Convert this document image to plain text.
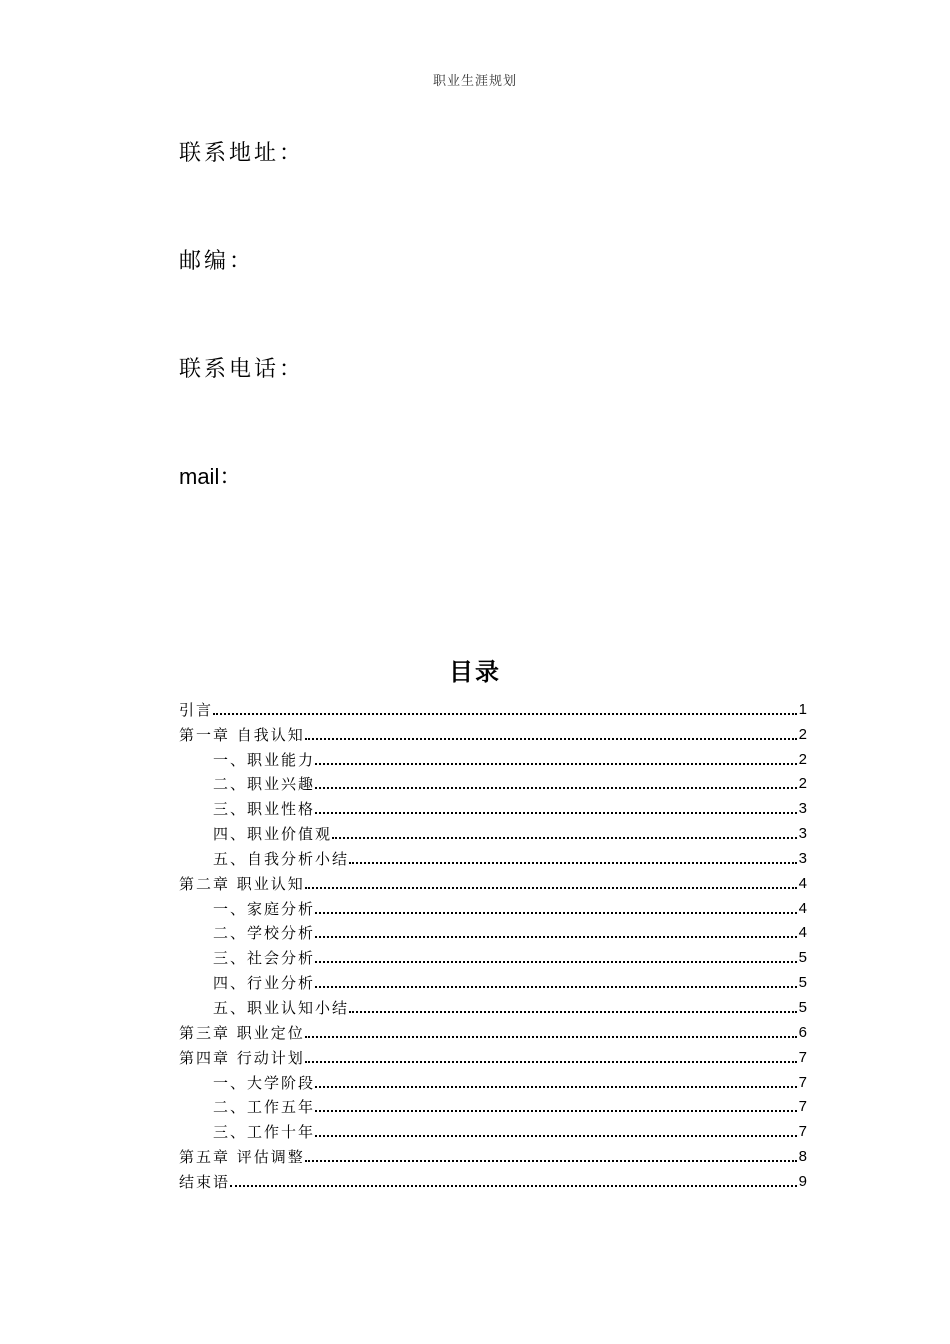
职业生涯规划
联系地址：
邮编：
联系电话：
mail：
目录
引言	1
第一章 自我认知	2
一、职业能力	2
二、职业兴趣	2
三、职业性格	3
四、职业价值观	3
五、自我分析小结	3
第二章 职业认知	4
一、家庭分析	4
二、学校分析	4
三、社会分析	5
四、行业分析	5
五、职业认知小结	5
第三章 职业定位	6
第四章 行动计划	7
一、大学阶段	7
二、工作五年	7
三、工作十年	7
第五章 评估调整	8
结束语	9
